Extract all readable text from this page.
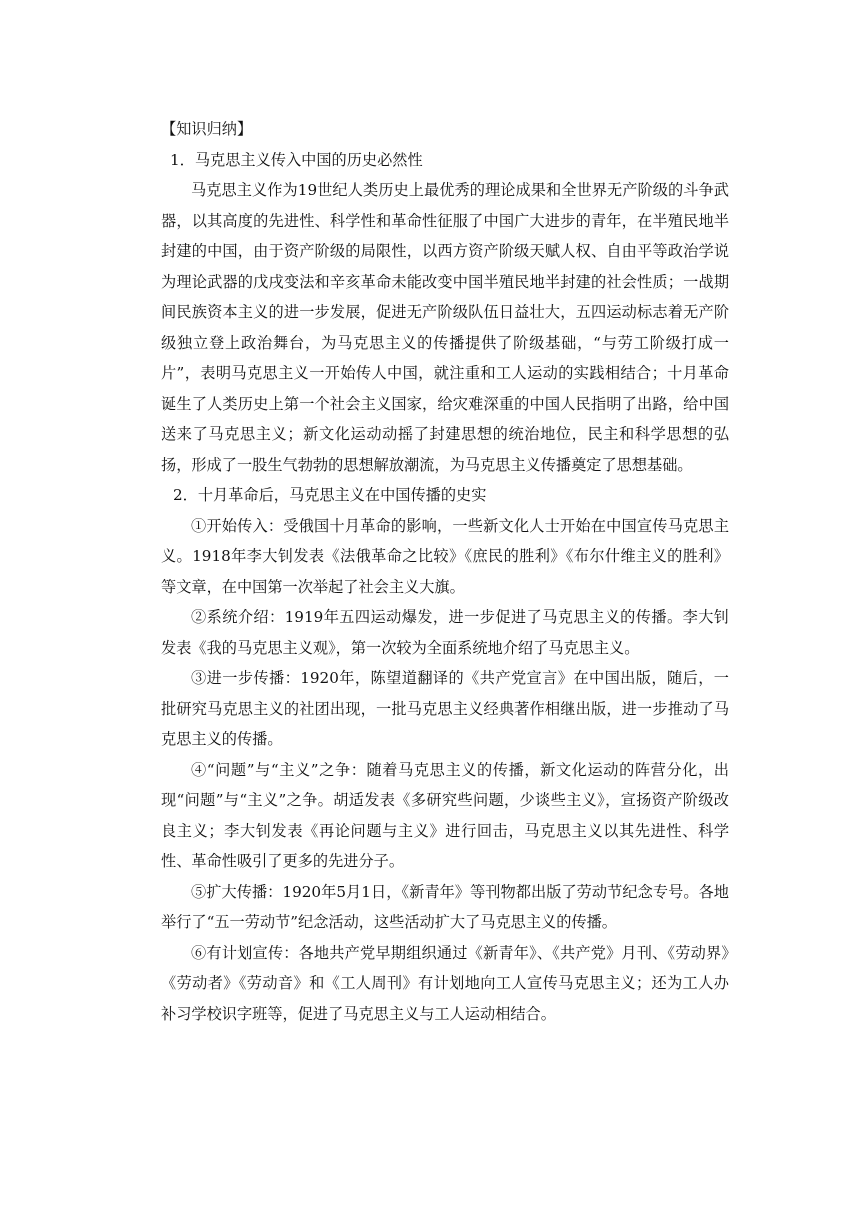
【知识归纳】

1．马克思主义传入中国的历史必然性

马克思主义作为19世纪人类历史上最优秀的理论成果和全世界无产阶级的斗争武器，以其高度的先进性、科学性和革命性征服了中国广大进步的青年，在半殖民地半封建的中国，由于资产阶级的局限性，以西方资产阶级天赋人权、自由平等政治学说为理论武器的戊戌变法和辛亥革命未能改变中国半殖民地半封建的社会性质；一战期间民族资本主义的进一步发展，促进无产阶级队伍日益壮大，五四运动标志着无产阶级独立登上政治舞台，为马克思主义的传播提供了阶级基础，“与劳工阶级打成一片”，表明马克思主义一开始传人中国，就注重和工人运动的实践相结合；十月革命诞生了人类历史上第一个社会主义国家，给灾难深重的中国人民指明了出路，给中国送来了马克思主义；新文化运动动摇了封建思想的统治地位，民主和科学思想的弘扬，形成了一股生气勃勃的思想解放潮流，为马克思主义传播奠定了思想基础。

2．十月革命后，马克思主义在中国传播的史实

①开始传入：受俄国十月革命的影响，一些新文化人士开始在中国宣传马克思主义。1918年李大钊发表《法俄革命之比较》《庶民的胜利》《布尔什维主义的胜利》等文章，在中国第一次举起了社会主义大旗。

②系统介绍：1919年五四运动爆发，进一步促进了马克思主义的传播。李大钊发表《我的马克思主义观》，第一次较为全面系统地介绍了马克思主义。

③进一步传播：1920年，陈望道翻译的《共产党宣言》在中国出版，随后，一批研究马克思主义的社团出现，一批马克思主义经典著作相继出版，进一步推动了马克思主义的传播。

④“问题”与“主义”之争：随着马克思主义的传播，新文化运动的阵营分化，出现“问题”与“主义”之争。胡适发表《多研究些问题，少谈些主义》，宣扬资产阶级改良主义；李大钊发表《再论问题与主义》进行回击，马克思主义以其先进性、科学性、革命性吸引了更多的先进分子。

⑤扩大传播：1920年5月1日，《新青年》等刊物都出版了劳动节纪念专号。各地举行了“五一劳动节”纪念活动，这些活动扩大了马克思主义的传播。

⑥有计划宣传：各地共产党早期组织通过《新青年》、《共产党》月刊、《劳动界》《劳动者》《劳动音》和《工人周刊》有计划地向工人宣传马克思主义；还为工人办补习学校识字班等，促进了马克思主义与工人运动相结合。
